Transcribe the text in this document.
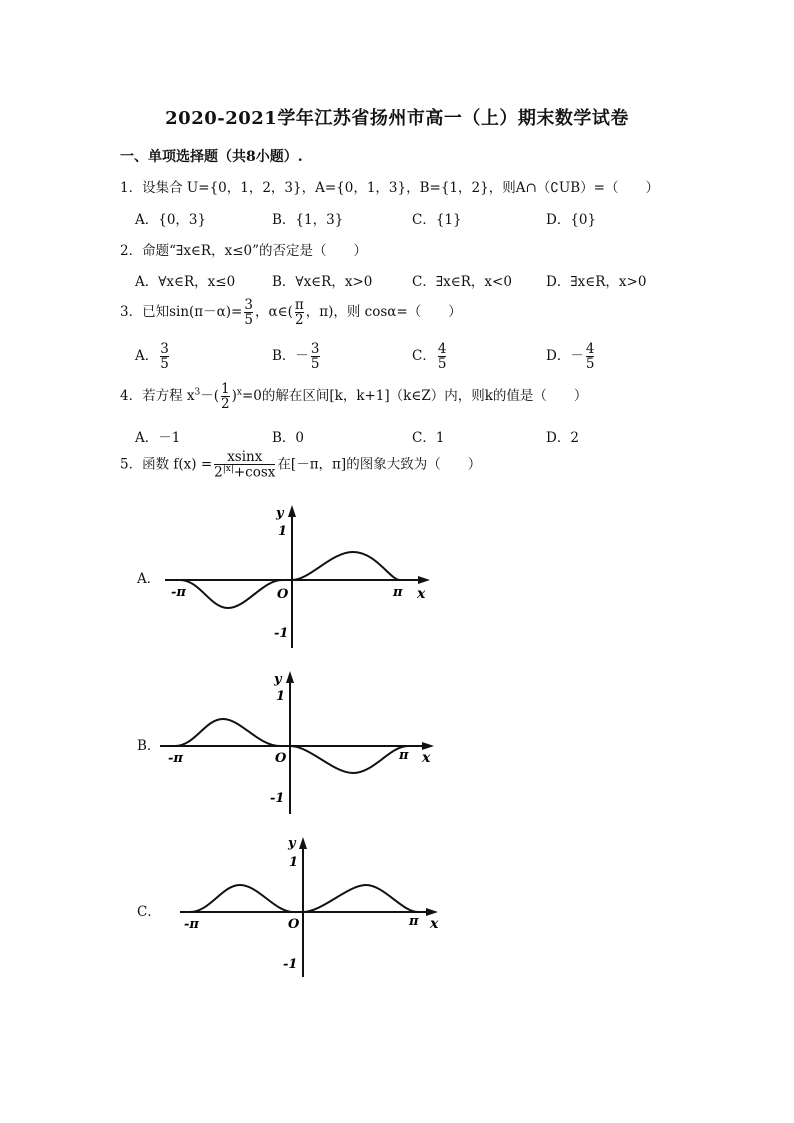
2020-2021学年江苏省扬州市高一（上）期末数学试卷
一、单项选择题（共8小题）.
1．设集合 U={0，1，2，3}，A={0，1，3}，B={1，2}，则A∩（∁UB）=（　　）
A．{0，3}	B．{1，3}	C．{1}	D．{0}
2．命题“∃x∈R，x≤0”的否定是（　　）
A．∀x∈R，x≤0	B．∀x∈R，x>0	C．∃x∈R，x<0	D．∃x∈R，x>0
3．已知$\sin(\pi-\alpha)= \frac{3}{5}$ ，α∈( $\frac{\pi}{2}$ ，π)，则 cosα=（　　）
A． $\frac{3}{5}$	B．－ $\frac{3}{5}$	C． $\frac{4}{5}$	D．－ $\frac{4}{5}$
4．若方程 $x^3-( \frac{1}{2} )^x=0$的解在区间[k，k+1]（k∈Z）内，则k的值是（　　）
A．－1	B．0	C．1	D．2
5．函数 $f(x) = \frac{xsinx}{2^{|x|}+\cos x}$ 在[－π，π]的图象大致为（　　）
A．
y
1
-1
-π	π
O	x
B．
y
1
-1
-π	π
O	x
C．
y
1
-1
-π	π
O	x
